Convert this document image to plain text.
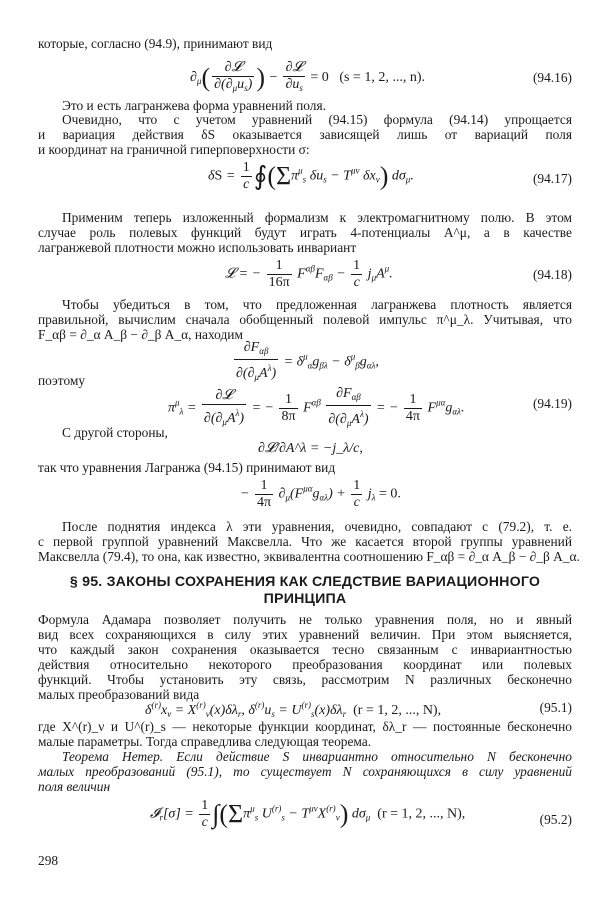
которые, согласно (94.9), принимают вид
$\partial_\mu( \frac{\text{∂𝓛}}{\partial(\partial_\mu u_s)}$ ) − $\frac{\text{∂𝓛}}{\partial u_s} = 0$ (s = 1, 2, ..., n).	(94.16)
Это и есть лагранжева форма уравнений поля.
Очевидно, что с учетом уравнений (94.15) формула (94.14) упрощается
и вариация действия δS оказывается зависящей лишь от вариаций поля
и координат на граничной гиперповерхности σ:
$\delta S = \frac{1}{c}$ $∮(\Sigma\pi^\mu_s$ $\delta u_s - T^{\mu\nu}$ $\delta x_\nu$) $d\sigma_\mu$.	(94.17)
Применим теперь изложенный формализм к электромагнитному полю. В этом
случае роль полевых функций будут играть 4-потенциалы A^μ, а в качестве
лагранжевой плотности можно использовать инвариант
𝓛 = − $\frac{1}{16\pi} F^{\alpha\beta}F_{\alpha\beta} - \frac{1}{c} j_\mu A^\mu$.	(94.18)
Чтобы убедиться в том, что предложенная лагранжева плотность является
правильной, вычислим сначала обобщенный полевой импульс π^μ_λ. Учитывая, что
F_αβ = ∂_α A_β − ∂_β A_α, находим
$\frac{\partial F_{\alpha\beta}}{\partial(\partial_\mu A^\lambda)} = \delta^\mu_\alpha g_{\beta\lambda} - \delta^\mu_\beta g_{\alpha\lambda}$,
поэтому
$\pi^\mu_\lambda = \frac{\text{∂𝓛}}{\partial(\partial_\mu A^\lambda)}$ = − $\frac{1}{8\pi} F^{\alpha\beta} \frac{\partial F_{\alpha\beta}}{\partial(\partial_\mu A^\lambda)}$ = − $\frac{1}{4\pi} F^{\mu\alpha}g_{\alpha\lambda}$.	(94.19)
С другой стороны,
∂𝓛/∂A^λ = −j_λ/c,
так что уравнения Лагранжа (94.15) принимают вид
− $\frac{1}{4\pi} \partial_\mu(F^{\mu\alpha}g_{\alpha\lambda}) + \frac{1}{c} j_\lambda = 0$.
После поднятия индекса λ эти уравнения, очевидно, совпадают с (79.2), т. е.
с первой группой уравнений Максвелла. Что же касается второй группы уравнений
Максвелла (79.4), то она, как известно, эквивалентна соотношению F_αβ = ∂_α A_β − ∂_β A_α.
§ 95. ЗАКОНЫ СОХРАНЕНИЯ КАК СЛЕДСТВИЕ ВАРИАЦИОННОГО
ПРИНЦИПА
Формула Адамара позволяет получить не только уравнения поля, но и явный
вид всех сохраняющихся в силу этих уравнений величин. При этом выясняется,
что каждый закон сохранения оказывается тесно связанным с инвариантностью
действия относительно некоторого преобразования координат или полевых
функций. Чтобы установить эту связь, рассмотрим N различных бесконечно
малых преобразований вида
$\delta^{(r)}x_\nu = X^{(r)}_\nu(x)\delta\lambda_r$, $\delta^{(r)}u_s = U^{(r)}_s(x)\delta\lambda_r$ (r = 1, 2, ..., N),	(95.1)
где X^(r)_ν и U^(r)_s — некоторые функции координат, δλ_r — постоянные бесконечно
малые параметры. Тогда справедлива следующая теорема.
Теорема Нетер. Если действие S инвариантно относительно N бесконечно
малых преобразований (95.1), то существует N сохраняющихся в силу уравнений
поля величин
𝓘$_r$[σ] = $\frac{1}{c} \int(\Sigma\pi^\mu_s$ $U^{(r)}_s - T^{\mu\nu}X^{(r)}_\nu$) $d\sigma_\mu$ (r = 1, 2, ..., N),	(95.2)
298
